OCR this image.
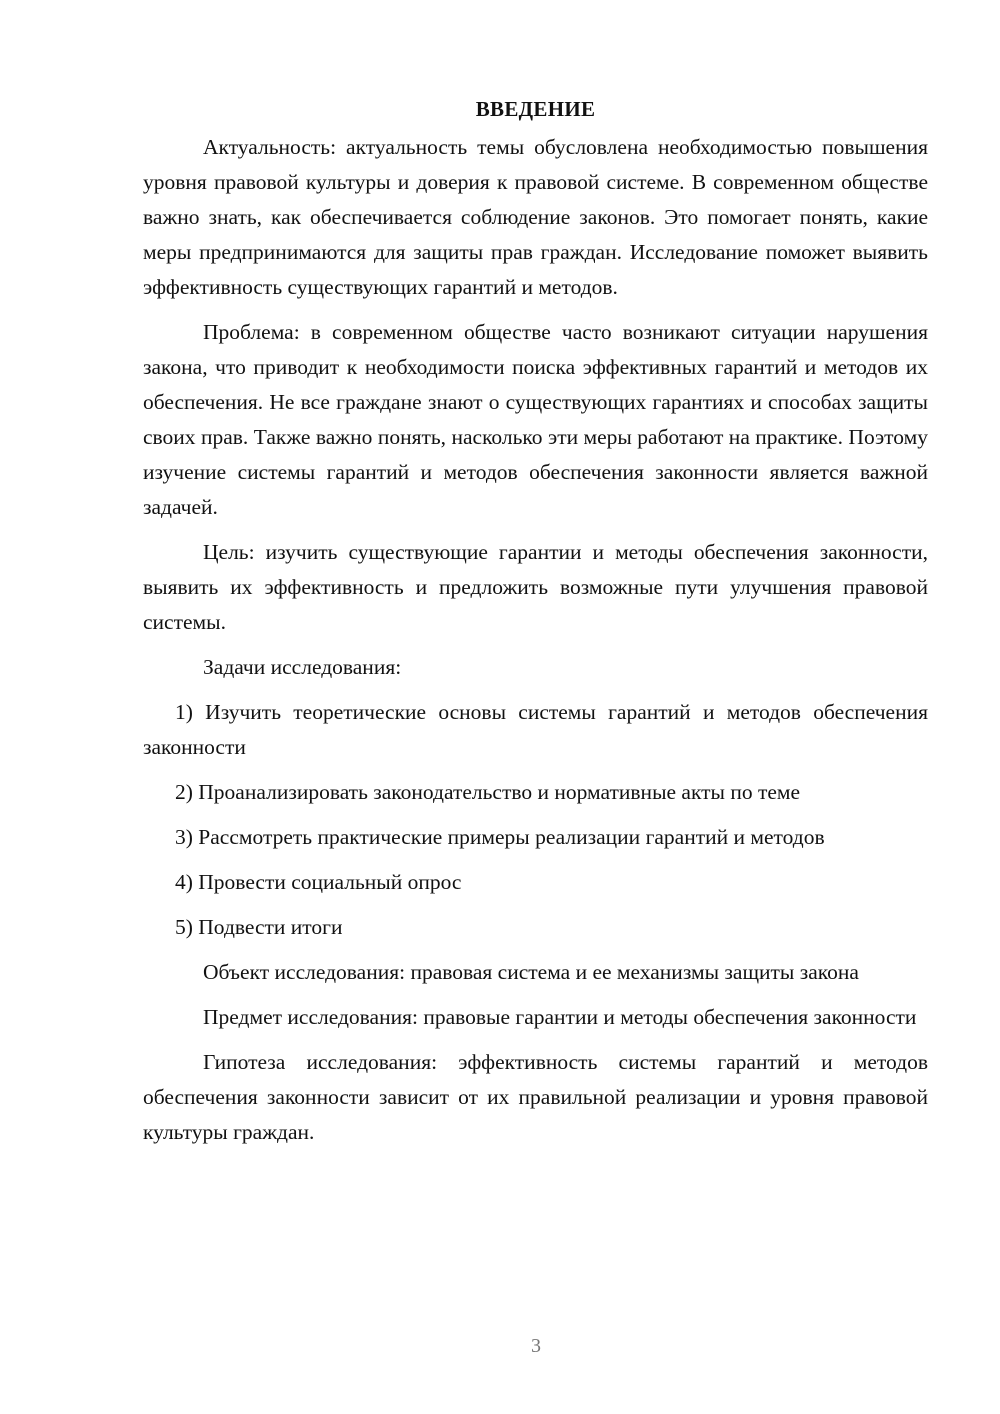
ВВЕДЕНИЕ

Актуальность: актуальность темы обусловлена необходимостью повышения уровня правовой культуры и доверия к правовой системе. В современном обществе важно знать, как обеспечивается соблюдение законов. Это помогает понять, какие меры предпринимаются для защиты прав граждан. Исследование поможет выявить эффективность существующих гарантий и методов.

Проблема: в современном обществе часто возникают ситуации нарушения закона, что приводит к необходимости поиска эффективных гарантий и методов их обеспечения. Не все граждане знают о существующих гарантиях и способах защиты своих прав. Также важно понять, насколько эти меры работают на практике. Поэтому изучение системы гарантий и методов обеспечения законности является важной задачей.

Цель: изучить существующие гарантии и методы обеспечения законности, выявить их эффективность и предложить возможные пути улучшения правовой системы.

Задачи исследования:

1) Изучить теоретические основы системы гарантий и методов обеспечения законности

2) Проанализировать законодательство и нормативные акты по теме

3) Рассмотреть практические примеры реализации гарантий и методов

4) Провести социальный опрос

5) Подвести итоги

Объект исследования: правовая система и ее механизмы защиты закона

Предмет исследования: правовые гарантии и методы обеспечения законности

Гипотеза исследования: эффективность системы гарантий и методов обеспечения законности зависит от их правильной реализации и уровня правовой культуры граждан.

3
